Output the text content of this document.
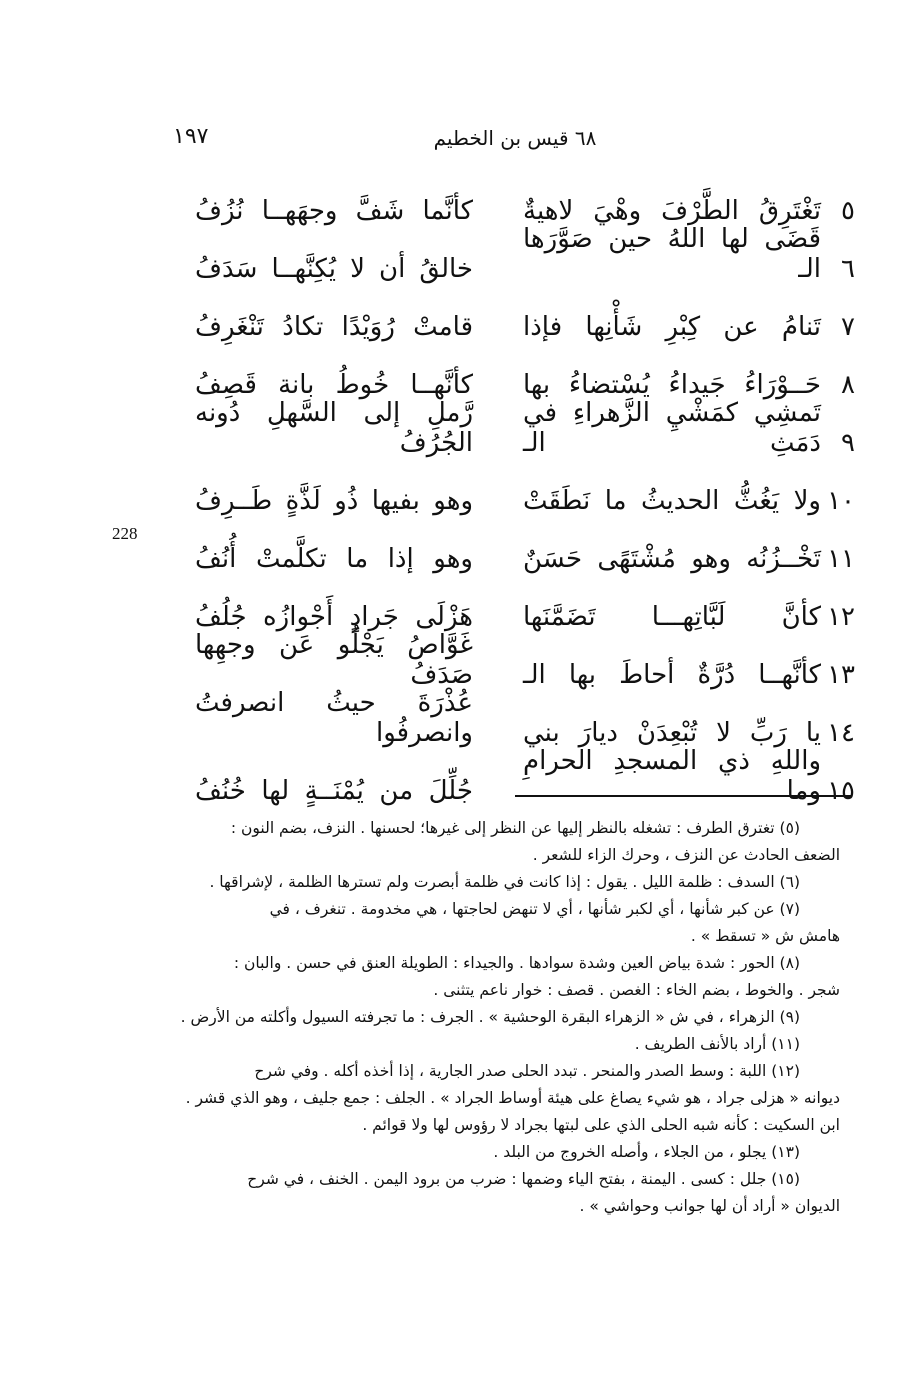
١٩٧	٦٨ قيس بن الخطيم
228
٥
تَغْتَرِقُ الطَّرْفَ وهْيَ لاهيةٌ
كأنَّما شَفَّ وجهَهــا نُزُفُ
٦
قَضَى لها اللهُ حين صَوَّرَها الـ
خالقُ أن لا يُكِنَّهــا سَدَفُ
٧
تَنامُ عن كِبْرِ شَأْنِها فإذا
قامتْ رُوَيْدًا تكادُ تَنْغَرِفُ
٨
حَــوْرَاءُ جَيداءُ يُسْتضاءُ بها
كأنَّهــا خُوطُ بانة قَصِفُ
٩
تَمشِي كمَشْيِ الزَّهراءِ في دَمَثِ الـ
رَّملِ إلى السَّهلِ دُونه الجُرُفُ
١٠
ولا يَغُثُّ الحديثُ ما نَطَقَتْ
وهو بفيها ذُو لَذَّةٍ طَــرِفُ
١١
تَخْــزُنُه وهو مُشْتَهًى حَسَنٌ
وهو إذا ما تكلَّمتْ أُنُفُ
١٢
كأنَّ لَبَّاتِهـــا تَضَمَّنَها
هَزْلَى جَرادٍ أَجْوازُه جُلُفُ
١٣
كأنَّهــا دُرَّةٌ أحاطَ بها الـ
غَوَّاصُ يَجْلُو عَن وجهِها صَدَفُ
١٤
يا رَبِّ لا تُبْعِدَنْ ديارَ بني
عُذْرَةَ حيثُ انصرفتُ وانصرفُوا
١٥
واللهِ ذي المسجدِ الحرامِ وما
جُلِّلَ من يُمْنَــةٍ لها خُنُفُ

(٥) تغترق الطرف : تشغله بالنظر إليها عن النظر إلى غيرها؛ لحسنها . النزف، بضم النون :

الضعف الحادث عن النزف ، وحرك الزاء للشعر .

(٦) السدف : ظلمة الليل . يقول : إذا كانت في ظلمة أبصرت ولم تسترها الظلمة ، لإشراقها .

(٧) عن كبر شأنها ، أي لكبر شأنها ، أي لا تنهض لحاجتها ، هي مخدومة . تنغرف ، في

هامش ش « تسقط » .

(٨) الحور : شدة بياض العين وشدة سوادها . والجيداء : الطويلة العنق في حسن . والبان :

شجر . والخوط ، بضم الخاء : الغصن . قصف : خوار ناعم يتثنى .

(٩) الزهراء ، في ش « الزهراء البقرة الوحشية » . الجرف : ما تجرفته السيول وأكلته من الأرض .

(١١) أراد بالأنف الطريف .

(١٢) اللبة : وسط الصدر والمنحر . تبدد الحلى صدر الجارية ، إذا أخذه أكله . وفي شرح

ديوانه « هزلى جراد ، هو شيء يصاغ على هيئة أوساط الجراد » . الجلف : جمع جليف ، وهو الذي قشر .

ابن السكيت : كأنه شبه الحلى الذي على لبتها بجراد لا رؤوس لها ولا قوائم .

(١٣) يجلو ، من الجلاء ، وأصله الخروج من البلد .

(١٥) جلل : كسى . اليمنة ، بفتح الياء وضمها : ضرب من برود اليمن . الخنف ، في شرح

الديوان « أراد أن لها جوانب وحواشي » .
